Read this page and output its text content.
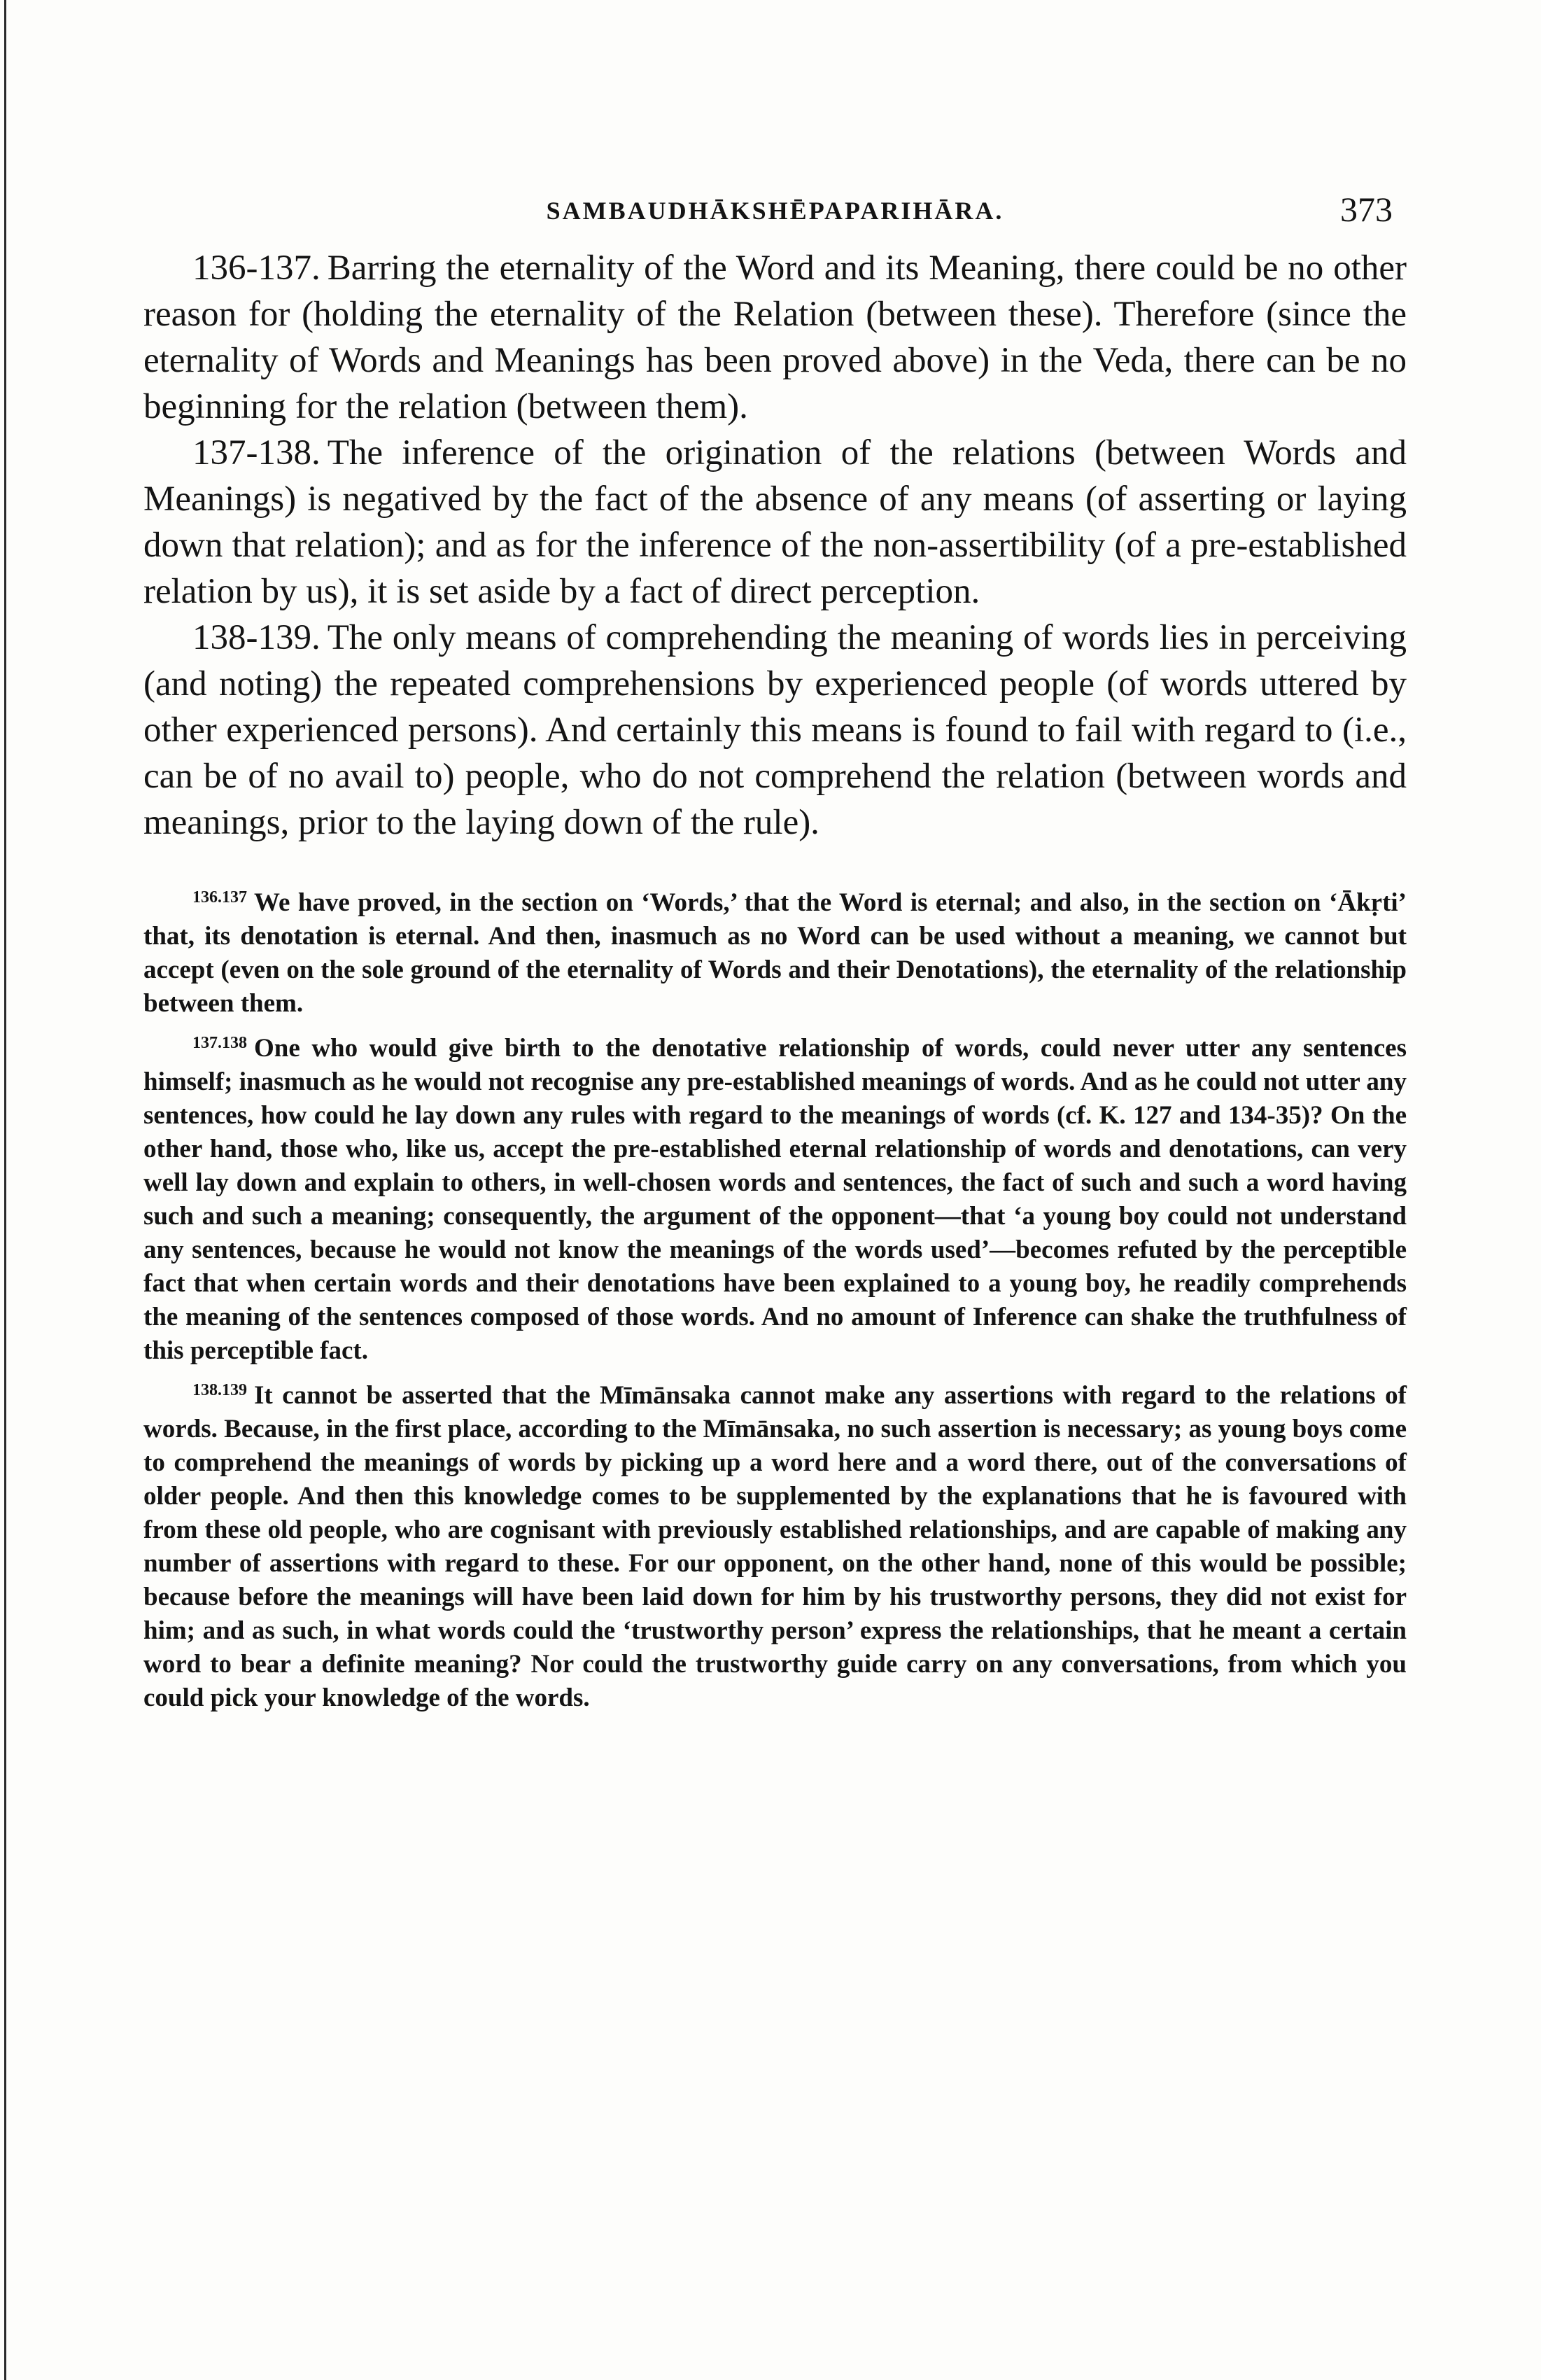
SAMBAUDHĀKSHĒPAPARIHĀRA.	373

136-137. Barring the eternality of the Word and its Meaning, there could be no other reason for (holding the eternality of the Relation (between these). Therefore (since the eternality of Words and Meanings has been proved above) in the Veda, there can be no beginning for the relation (between them).

137-138. The inference of the origination of the relations (between Words and Meanings) is negatived by the fact of the absence of any means (of asserting or laying down that relation); and as for the inference of the non-assertibility (of a pre-established relation by us), it is set aside by a fact of direct perception.

138-139. The only means of comprehending the meaning of words lies in perceiving (and noting) the repeated comprehensions by experienced people (of words uttered by other experienced persons). And certainly this means is found to fail with regard to (i.e., can be of no avail to) people, who do not comprehend the relation (between words and meanings, prior to the laying down of the rule).

$^{136.137}$ We have proved, in the section on ‘Words,’ that the Word is eternal; and also, in the section on ‘Ākṛti’ that, its denotation is eternal. And then, inasmuch as no Word can be used without a meaning, we cannot but accept (even on the sole ground of the eternality of Words and their Denotations), the eternality of the relationship between them.

$^{137.138}$ One who would give birth to the denotative relationship of words, could never utter any sentences himself; inasmuch as he would not recognise any pre-established meanings of words. And as he could not utter any sentences, how could he lay down any rules with regard to the meanings of words (cf. K. 127 and 134-35)? On the other hand, those who, like us, accept the pre-established eternal relationship of words and denotations, can very well lay down and explain to others, in well-chosen words and sentences, the fact of such and such a word having such and such a meaning; consequently, the argument of the opponent—that ‘a young boy could not understand any sentences, because he would not know the meanings of the words used’—becomes refuted by the perceptible fact that when certain words and their denotations have been explained to a young boy, he readily comprehends the meaning of the sentences composed of those words. And no amount of Inference can shake the truthfulness of this perceptible fact.

$^{138.139}$ It cannot be asserted that the Mīmānsaka cannot make any assertions with regard to the relations of words. Because, in the first place, according to the Mīmānsaka, no such assertion is necessary; as young boys come to comprehend the meanings of words by picking up a word here and a word there, out of the conversations of older people. And then this knowledge comes to be supplemented by the explanations that he is favoured with from these old people, who are cognisant with previously established relationships, and are capable of making any number of assertions with regard to these. For our opponent, on the other hand, none of this would be possible; because before the meanings will have been laid down for him by his trustworthy persons, they did not exist for him; and as such, in what words could the ‘trustworthy person’ express the relationships, that he meant a certain word to bear a definite meaning? Nor could the trustworthy guide carry on any conversations, from which you could pick your knowledge of the words.
